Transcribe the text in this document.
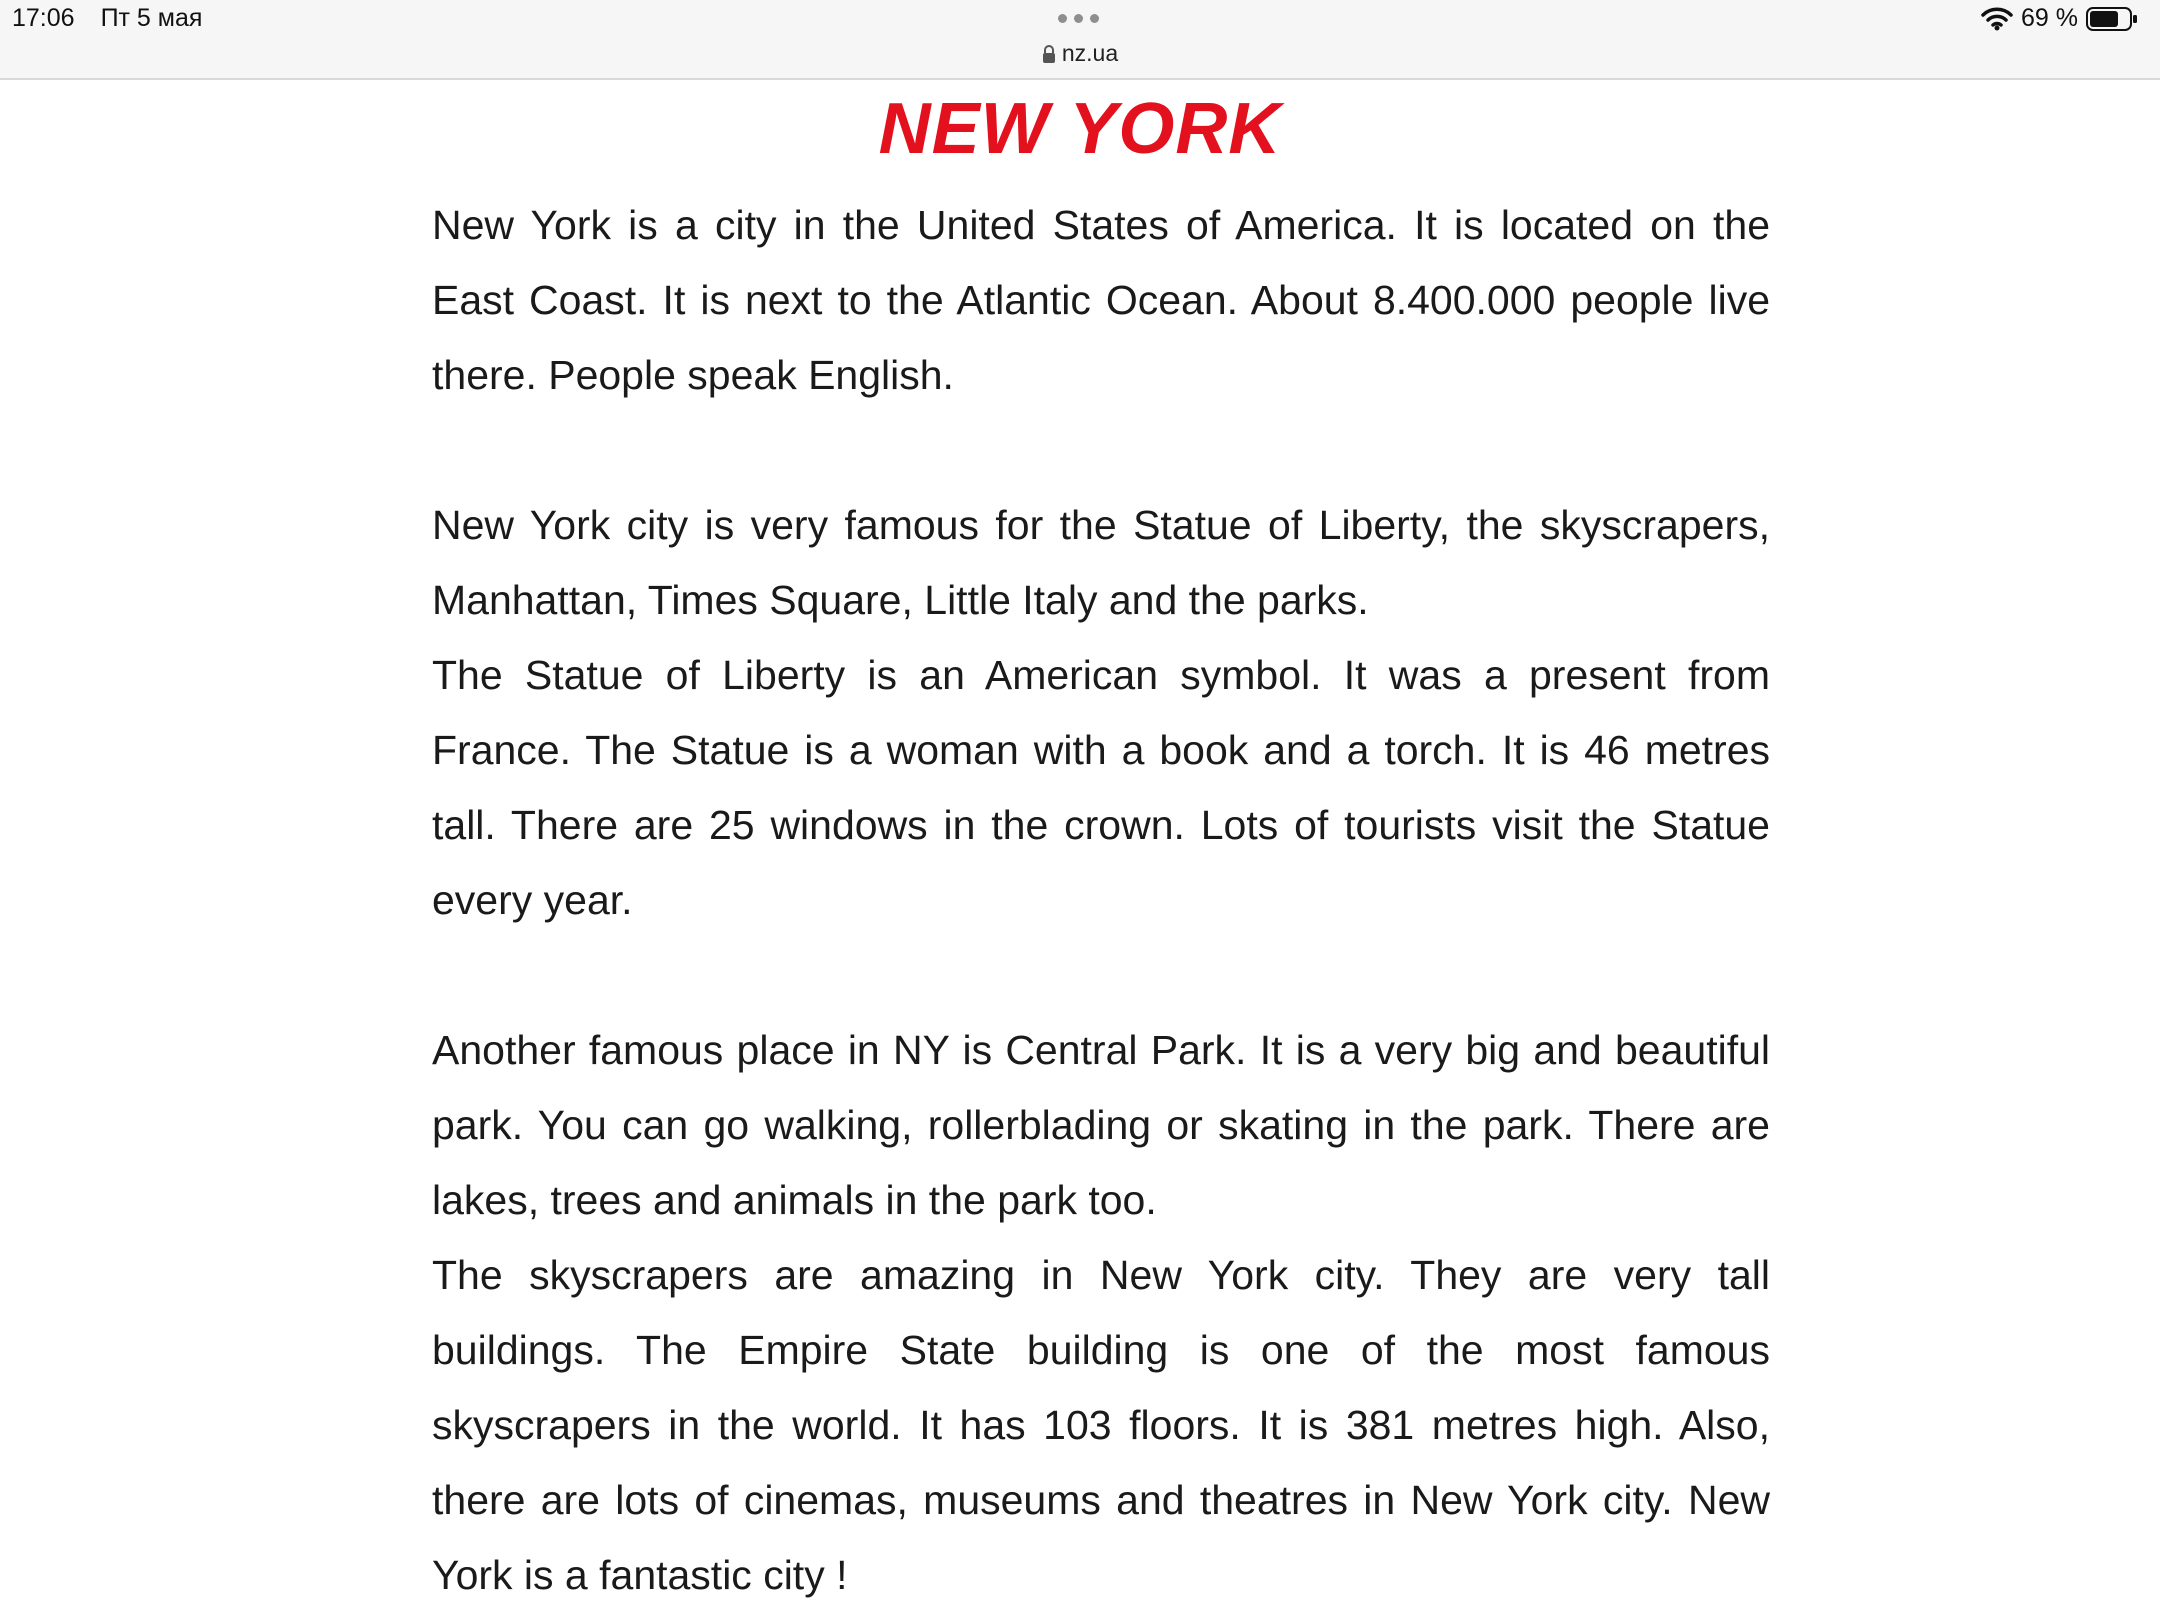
17:06 Пт 5 мая
nz.ua
69 %
NEW YORK

New York is a city in the United States of America. It is located on the East Coast. It is next to the Atlantic Ocean. About 8.400.000 people live there. People speak English.

New York city is very famous for the Statue of Liberty, the skyscrapers, Manhattan, Times Square, Little Italy and the parks.

The Statue of Liberty is an American symbol. It was a present from France. The Statue is a woman with a book and a torch. It is 46 metres tall. There are 25 windows in the crown. Lots of tourists visit the Statue every year.

Another famous place in NY is Central Park. It is a very big and beautiful park. You can go walking, rollerblading or skating in the park. There are lakes, trees and animals in the park too.

The skyscrapers are amazing in New York city. They are very tall buildings. The Empire State building is one of the most famous skyscrapers in the world. It has 103 floors. It is 381 metres high. Also, there are lots of cinemas, museums and theatres in New York city. New York is a fantastic city !
